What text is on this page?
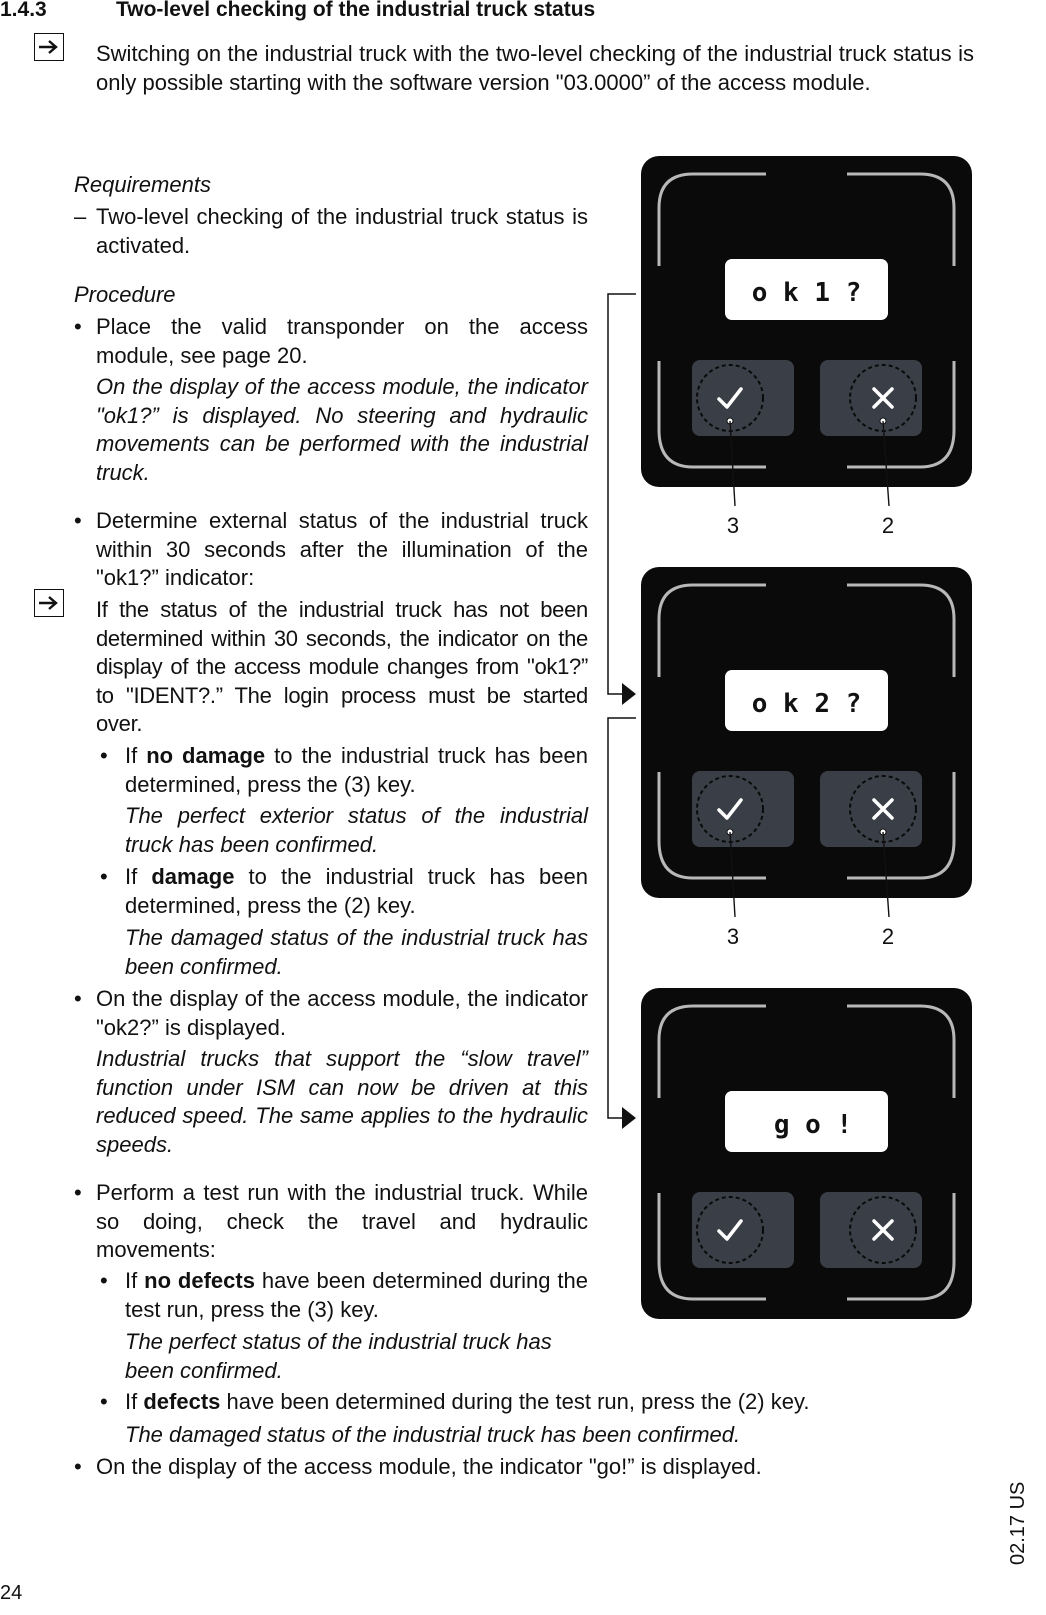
1.4.3	Two-level checking of the industrial truck status
Switching on the industrial truck with the two-level checking of the industrial truck status is only possible starting with the software version "03.0000” of the access module.
Requirements
– Two-level checking of the industrial truck status is activated.
Procedure
• Place the valid transponder on the access module, see page 20.
On the display of the access module, the indicator "ok1?” is displayed. No steering and hydraulic movements can be performed with the industrial truck.
• Determine external status of the industrial truck within 30 seconds after the illumination of the "ok1?” indicator:
If the status of the industrial truck has not been determined within 30 seconds, the indicator on the display of the access module changes from "ok1?” to "IDENT?.” The login process must be started over.
• If no damage to the industrial truck has been determined, press the (3) key.
The perfect exterior status of the industrial truck has been confirmed.
• If damage to the industrial truck has been determined, press the (2) key.
The damaged status of the industrial truck has been confirmed.
• On the display of the access module, the indicator "ok2?” is displayed.
Industrial trucks that support the “slow travel” function under ISM can now be driven at this reduced speed. The same applies to the hydraulic speeds.
• Perform a test run with the industrial truck. While so doing, check the travel and hydraulic movements:
• If no defects have been determined during the test run, press the (3) key.
The perfect status of the industrial truck has been confirmed.
• If defects have been determined during the test run, press the (2) key.
The damaged status of the industrial truck has been confirmed.
• On the display of the access module, the indicator "go!” is displayed.
o k 1 ?
3	2
o k 2 ?
3	2
g o !
24
02.17 US
